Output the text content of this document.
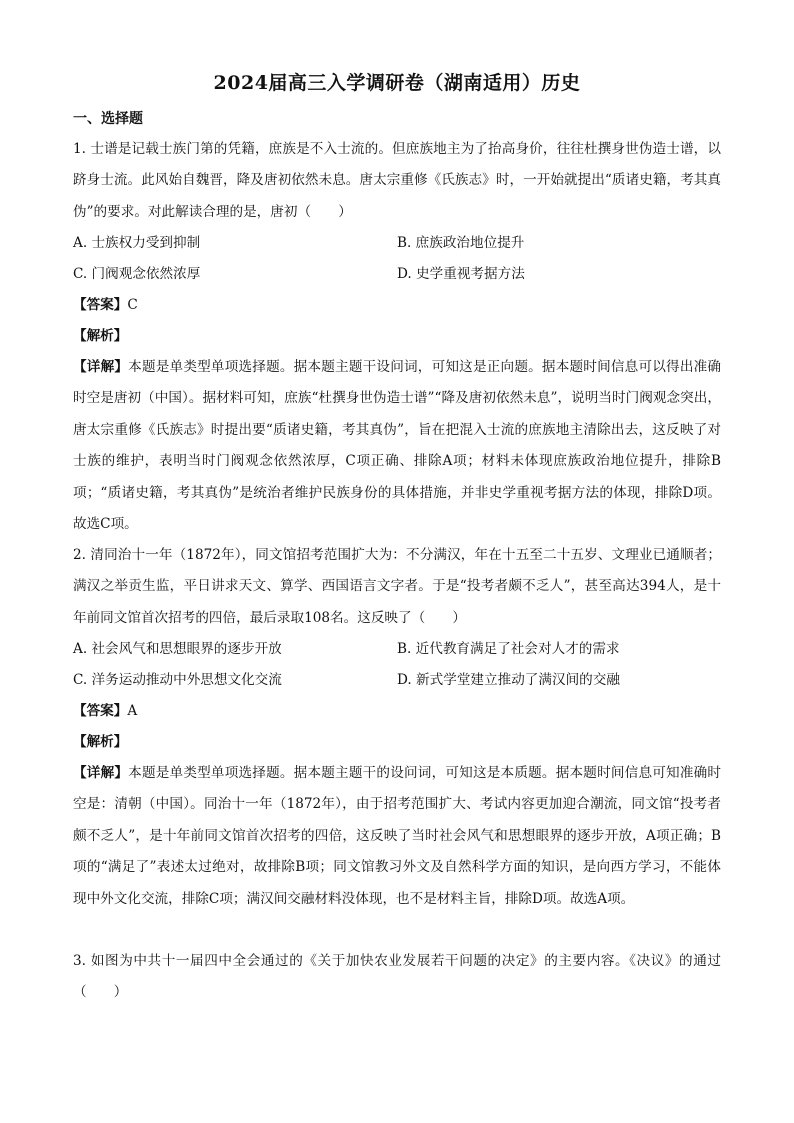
2024届高三入学调研卷（湖南适用）历史
一、选择题
1. 士谱是记载士族门第的凭籍，庶族是不入士流的。但庶族地主为了抬高身价，往往杜撰身世伪造士谱，以跻身士流。此风始自魏晋，降及唐初依然未息。唐太宗重修《氏族志》时，一开始就提出“质诸史籍，考其真伪”的要求。对此解读合理的是，唐初（　　）
A. 士族权力受到抑制	B. 庶族政治地位提升
C. 门阀观念依然浓厚	D. 史学重视考据方法
【答案】C
【解析】
【详解】本题是单类型单项选择题。据本题主题干设问词，可知这是正向题。据本题时间信息可以得出准确时空是唐初（中国）。据材料可知，庶族“杜撰身世伪造士谱”“降及唐初依然未息”，说明当时门阀观念突出，唐太宗重修《氏族志》时提出要“质诸史籍，考其真伪”，旨在把混入士流的庶族地主清除出去，这反映了对士族的维护，表明当时门阀观念依然浓厚，C项正确、排除A项；材料未体现庶族政治地位提升，排除B项；“质诸史籍，考其真伪”是统治者维护民族身份的具体措施，并非史学重视考据方法的体现，排除D项。故选C项。
2. 清同治十一年（1872年），同文馆招考范围扩大为：不分满汉，年在十五至二十五岁、文理业已通顺者；满汉之举贡生监，平日讲求天文、算学、西国语言文字者。于是“投考者颇不乏人”，甚至高达394人，是十年前同文馆首次招考的四倍，最后录取108名。这反映了（　　）
A. 社会风气和思想眼界的逐步开放	B. 近代教育满足了社会对人才的需求
C. 洋务运动推动中外思想文化交流	D. 新式学堂建立推动了满汉间的交融
【答案】A
【解析】
【详解】本题是单类型单项选择题。据本题主题干的设问词，可知这是本质题。据本题时间信息可知准确时空是：清朝（中国）。同治十一年（1872年），由于招考范围扩大、考试内容更加迎合潮流，同文馆“投考者颇不乏人”，是十年前同文馆首次招考的四倍，这反映了当时社会风气和思想眼界的逐步开放，A项正确；B项的“满足了”表述太过绝对，故排除B项；同文馆教习外文及自然科学方面的知识，是向西方学习，不能体现中外文化交流，排除C项；满汉间交融材料没体现，也不是材料主旨，排除D项。故选A项。
3. 如图为中共十一届四中全会通过的《关于加快农业发展若干问题的决定》的主要内容。《决议》的通过（　　）
